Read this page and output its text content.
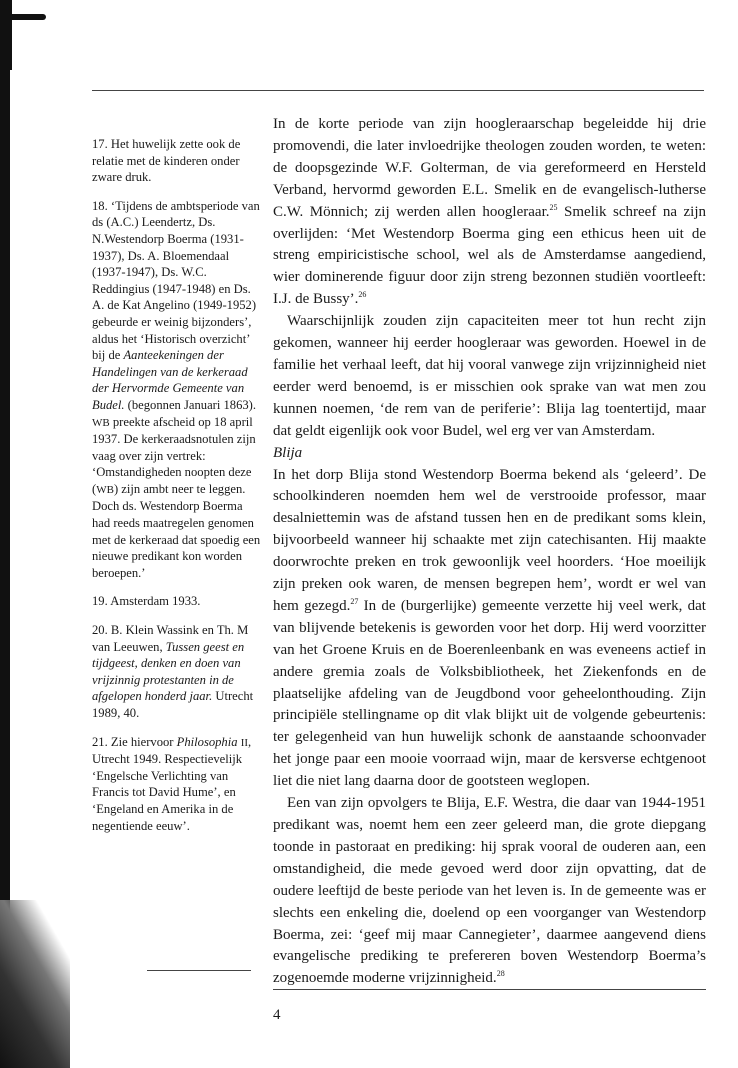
17. Het huwelijk zette ook de relatie met de kinderen onder zware druk.

18. ‘Tijdens de ambtsperiode van ds (A.C.) Leendertz, Ds. N.Westendorp Boerma (1931-1937), Ds. A. Bloemendaal (1937-1947), Ds. W.C. Reddingius (1947-1948) en Ds. A. de Kat Angelino (1949-1952) gebeurde er weinig bijzonders’, aldus het ‘Historisch overzicht’ bij de Aanteekeningen der Handelingen van de kerkeraad der Hervormde Gemeente van Budel. (begonnen Januari 1863). WB preekte afscheid op 18 april 1937. De kerkeraadsnotulen zijn vaag over zijn vertrek: ‘Omstandigheden noopten deze (WB) zijn ambt neer te leggen. Doch ds. Westendorp Boerma had reeds maatregelen genomen met de kerkeraad dat spoedig een nieuwe predikant kon worden beroepen.’

19. Amsterdam 1933.

20. B. Klein Wassink en Th. M van Leeuwen, Tussen geest en tijdgeest, denken en doen van vrijzinnig protestanten in de afgelopen honderd jaar. Utrecht 1989, 40.

21. Zie hiervoor Philosophia II, Utrecht 1949. Respectievelijk ‘Engelsche Verlichting van Francis tot David Hume’, en ‘Engeland en Amerika in de negentiende eeuw’.

In de korte periode van zijn hoogleraarschap begeleidde hij drie promovendi, die later invloedrijke theologen zouden worden, te weten: de doopsgezinde W.F. Golterman, de via gereformeerd en Hersteld Verband, hervormd geworden E.L. Smelik en de evangelisch-lutherse C.W. Mönnich; zij werden allen hoogleraar.$^{25}$ Smelik schreef na zijn overlijden: ‘Met Westendorp Boerma ging een ethicus heen uit de streng empiricistische school, wel als de Amsterdamse aangediend, wier dominerende figuur door zijn streng bezonnen studiën voortleeft: I.J. de Bussy’.$^{26}$

Waarschijnlijk zouden zijn capaciteiten meer tot hun recht zijn gekomen, wanneer hij eerder hoogleraar was geworden. Hoewel in de familie het verhaal leeft, dat hij vooral vanwege zijn vrijzinnigheid niet eerder werd benoemd, is er misschien ook sprake van wat men zou kunnen noemen, ‘de rem van de periferie’: Blija lag toentertijd, maar dat geldt eigenlijk ook voor Budel, wel erg ver van Amsterdam.

Blija

In het dorp Blija stond Westendorp Boerma bekend als ‘geleerd’. De schoolkinderen noemden hem wel de verstrooide professor, maar desalniettemin was de afstand tussen hen en de predikant soms klein, bijvoorbeeld wanneer hij schaakte met zijn catechisanten. Hij maakte doorwrochte preken en trok gewoonlijk veel hoorders. ‘Hoe moeilijk zijn preken ook waren, de mensen begrepen hem’, wordt er wel van hem gezegd.$^{27}$ In de (burgerlijke) gemeente verzette hij veel werk, dat van blijvende betekenis is geworden voor het dorp. Hij werd voorzitter van het Groene Kruis en de Boerenleenbank en was eveneens actief in andere gremia zoals de Volksbibliotheek, het Ziekenfonds en de plaatselijke afdeling van de Jeugdbond voor geheelonthouding. Zijn principiële stellingname op dit vlak blijkt uit de volgende gebeurtenis: ter gelegenheid van hun huwelijk schonk de aanstaande schoonvader het jonge paar een mooie voorraad wijn, maar de kersverse echtgenoot liet die niet lang daarna door de gootsteen weglopen.

Een van zijn opvolgers te Blija, E.F. Westra, die daar van 1944-1951 predikant was, noemt hem een zeer geleerd man, die grote diepgang toonde in pastoraat en prediking: hij sprak vooral de ouderen aan, een omstandigheid, die mede gevoed werd door zijn opvatting, dat de oudere leeftijd de beste periode van het leven is. In de gemeente was er slechts een enkeling die, doelend op een voorganger van Westendorp Boerma, zei: ‘geef mij maar Cannegieter’, daarmee aangevend diens evangelische prediking te prefereren boven Westendorp Boerma’s zogenoemde moderne vrijzinnigheid.$^{28}$

4
